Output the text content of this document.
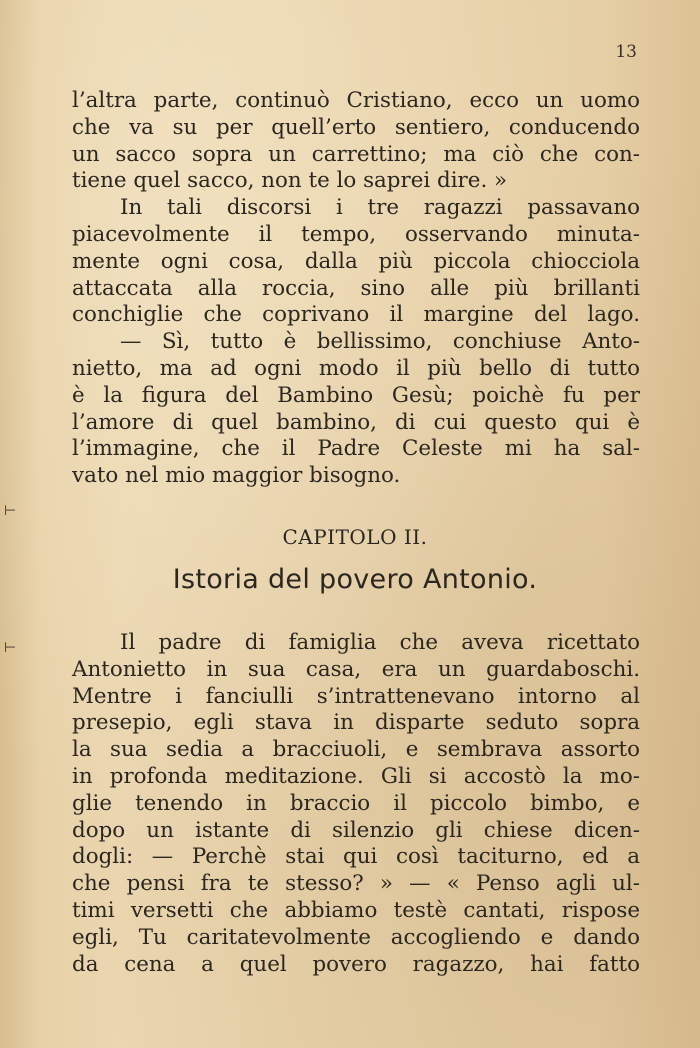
13
l’altra parte, continuò Cristiano, ecco un uomo
che va su per quell’erto sentiero, conducendo
un sacco sopra un carrettino; ma ciò che con-
tiene quel sacco, non te lo saprei dire. »
In tali discorsi i tre ragazzi passavano
piacevolmente il tempo, osservando minuta-
mente ogni cosa, dalla più piccola chiocciola
attaccata alla roccia, sino alle più brillanti
conchiglie che coprivano il margine del lago.
— Sì, tutto è bellissimo, conchiuse Anto-
nietto, ma ad ogni modo il più bello di tutto
è la figura del Bambino Gesù; poichè fu per
l’amore di quel bambino, di cui questo qui è
l’immagine, che il Padre Celeste mi ha sal-
vato nel mio maggior bisogno.
CAPITOLO II.
Istoria del povero Antonio.
Il padre di famiglia che aveva ricettato
Antonietto in sua casa, era un guardaboschi.
Mentre i fanciulli s’intrattenevano intorno al
presepio, egli stava in disparte seduto sopra
la sua sedia a bracciuoli, e sembrava assorto
in profonda meditazione. Gli si accostò la mo-
glie tenendo in braccio il piccolo bimbo, e
dopo un istante di silenzio gli chiese dicen-
dogli: — Perchè stai qui così taciturno, ed a
che pensi fra te stesso? » — « Penso agli ul-
timi versetti che abbiamo testè cantati, rispose
egli, Tu caritatevolmente accogliendo e dando
da cena a quel povero ragazzo, hai fatto
⊢
⊢
